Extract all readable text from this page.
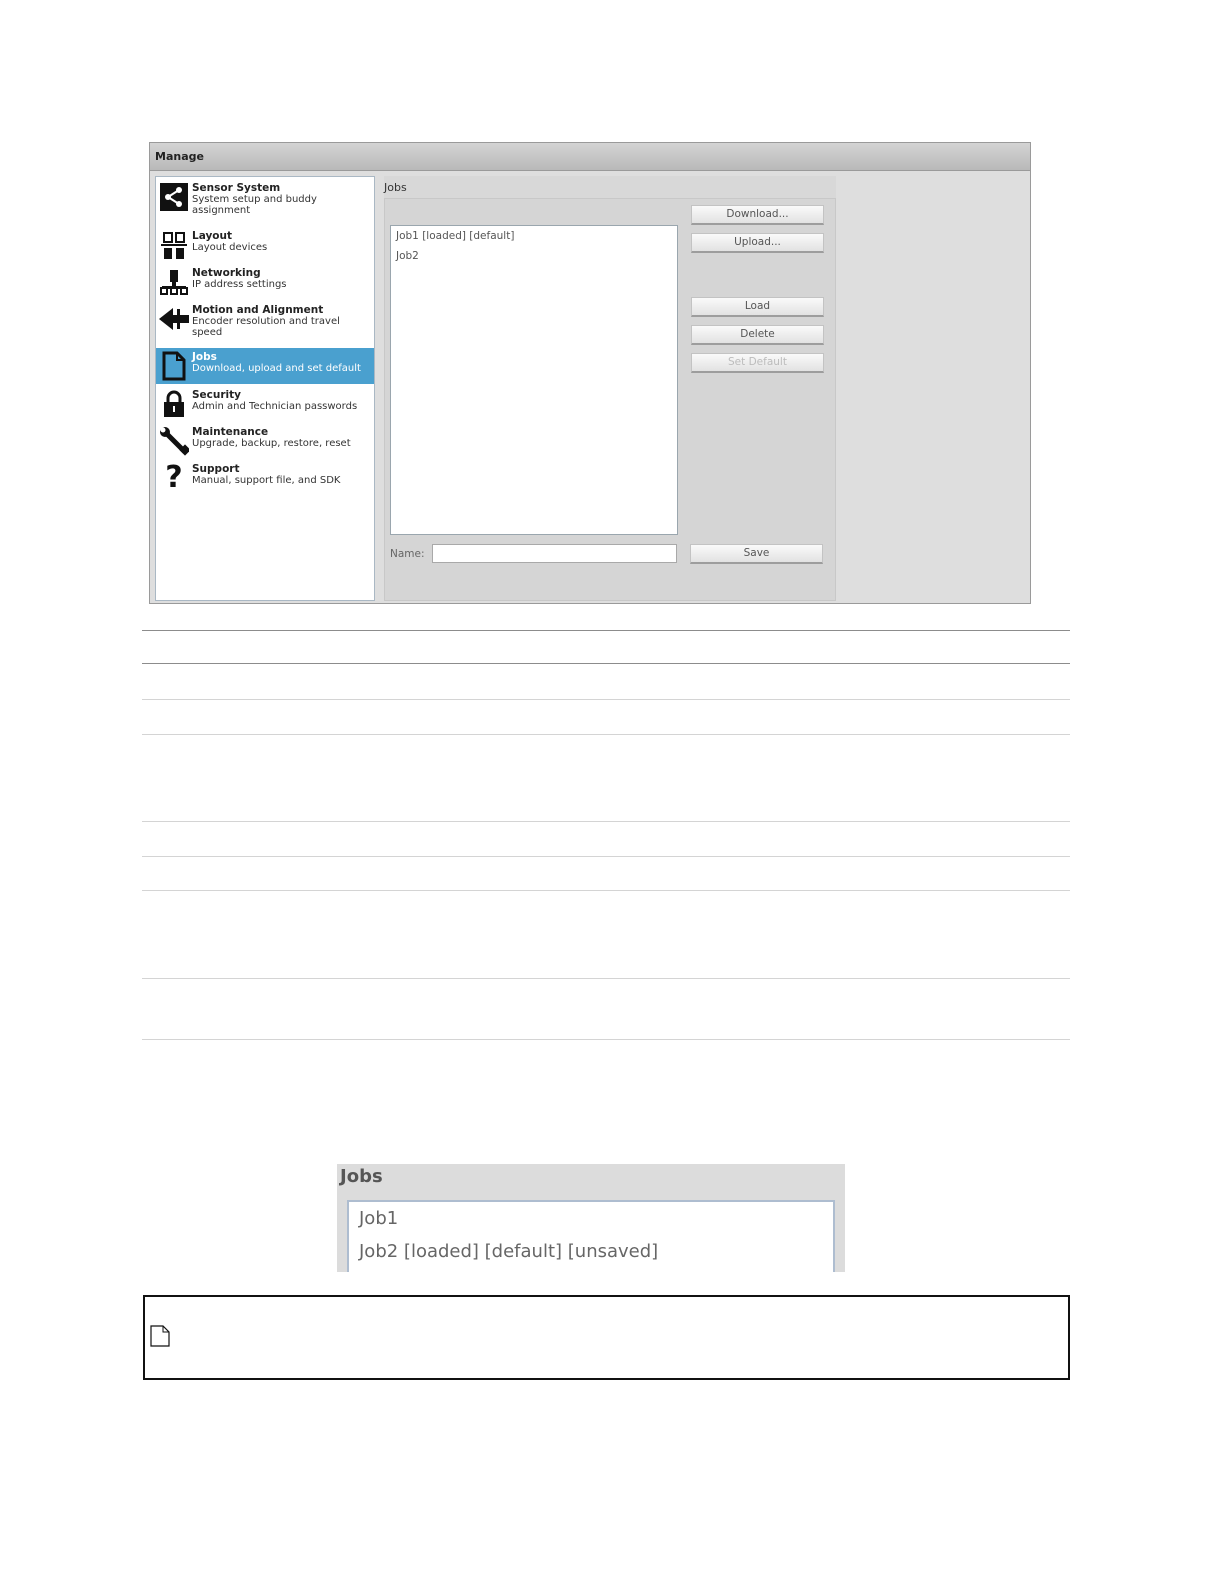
Manage
Sensor System
System setup and buddy
assignment
Layout
Layout devices
Networking
IP address settings
Motion and Alignment
Encoder resolution and travel
speed
Jobs
Download, upload and set default
Security
Admin and Technician passwords
Maintenance
Upgrade, backup, restore, reset
? Support
Manual, support file, and SDK
Jobs
Job1 [loaded] [default]
Job2
Download...
Upload...
Load
Delete
Set Default
Name:	Save
Jobs
Job1
Job2 [loaded] [default] [unsaved]
